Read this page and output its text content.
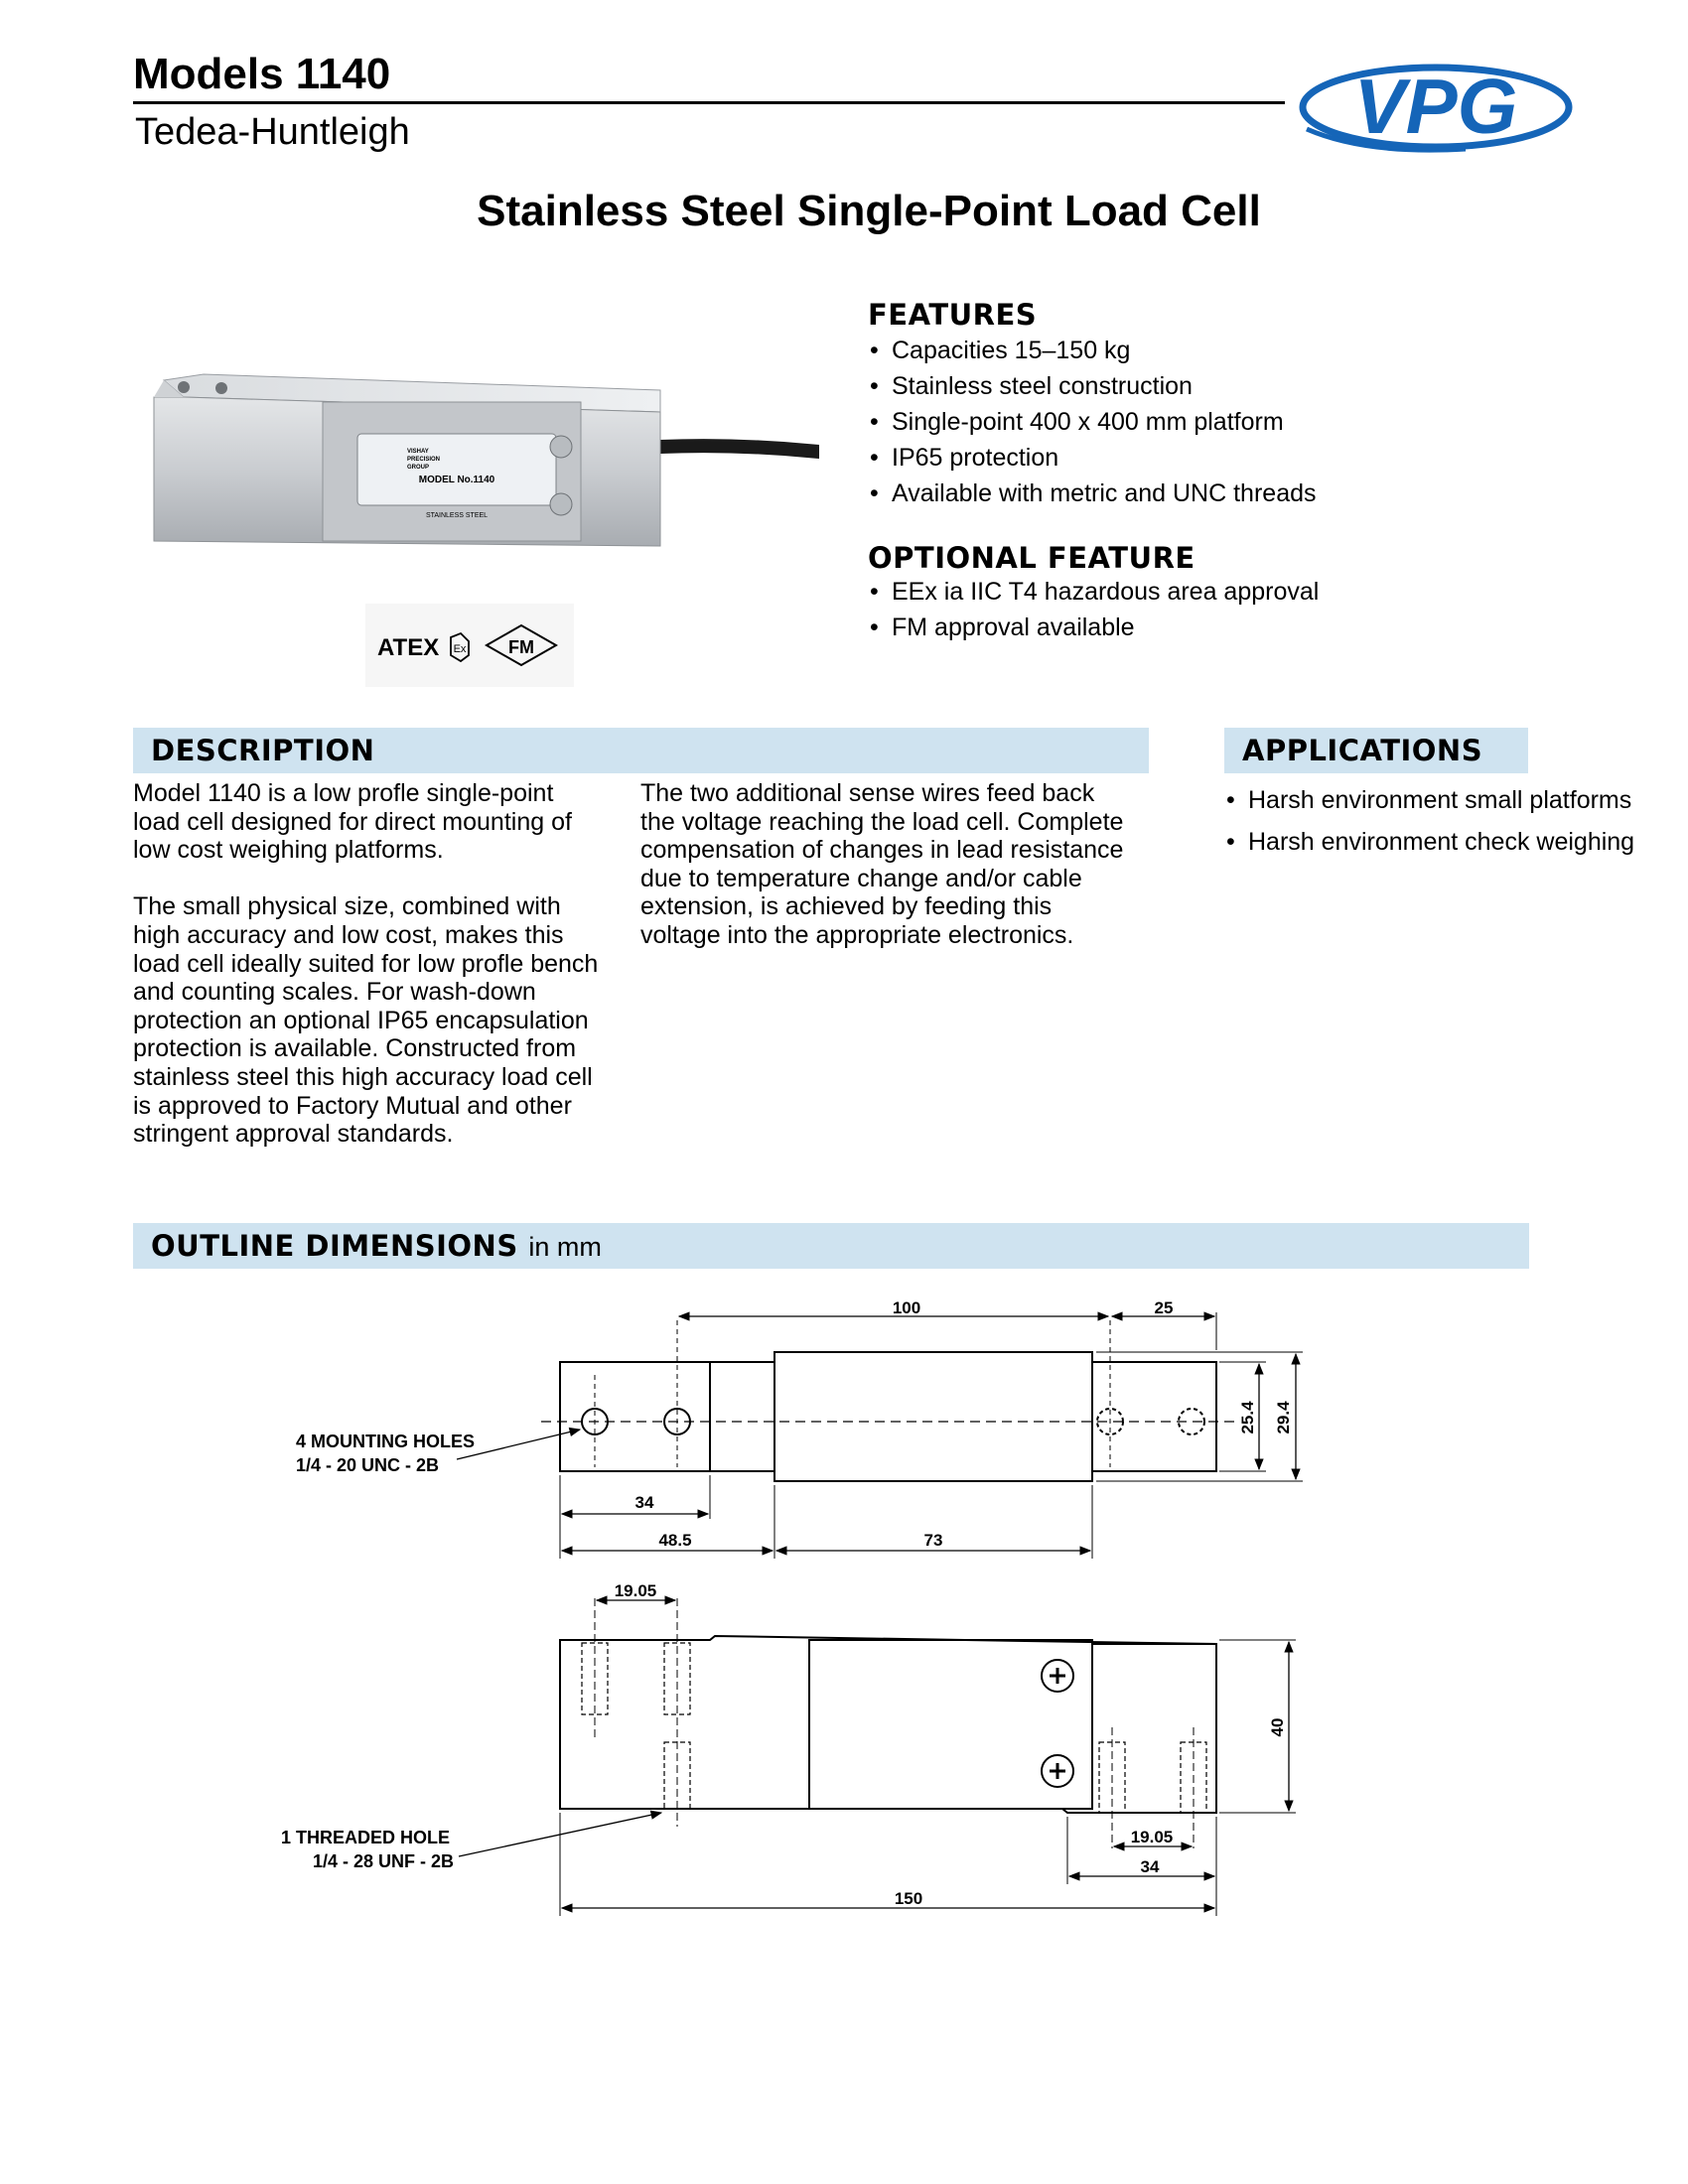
Models 1140
Tedea-Huntleigh	VPG
Stainless Steel Single-Point Load Cell
VISHAY
PRECISION
GROUP
MODEL No.1140
STAINLESS STEEL
ATEX Ex FM
FEATURES
• Capacities 15–150 kg
• Stainless steel construction
• Single-point 400 x 400 mm platform
• IP65 protection
• Available with metric and UNC threads
OPTIONAL FEATURE
• EEx ia IIC T4 hazardous area approval
• FM approval available
DESCRIPTION	APPLICATIONS
Model 1140 is a low profle single-point
load cell designed for direct mounting of
low cost weighing platforms.

The small physical size, combined with
high accuracy and low cost, makes this
load cell ideally suited for low profle bench
and counting scales. For wash-down
protection an optional IP65 encapsulation
protection is available. Constructed from
stainless steel this high accuracy load cell
is approved to Factory Mutual and other
stringent approval standards.
The two additional sense wires feed back
the voltage reaching the load cell. Complete
compensation of changes in lead resistance
due to temperature change and/or cable
extension, is achieved by feeding this
voltage into the appropriate electronics.
• Harsh environment small platforms
• Harsh environment check weighing
OUTLINE DIMENSIONS in mm
100	25
25.4 29.4
34
48.5	73
19.05
40
19.05
34
150
4 MOUNTING HOLES
1/4 - 20 UNC - 2B
1 THREADED HOLE
1/4 - 28 UNF - 2B
